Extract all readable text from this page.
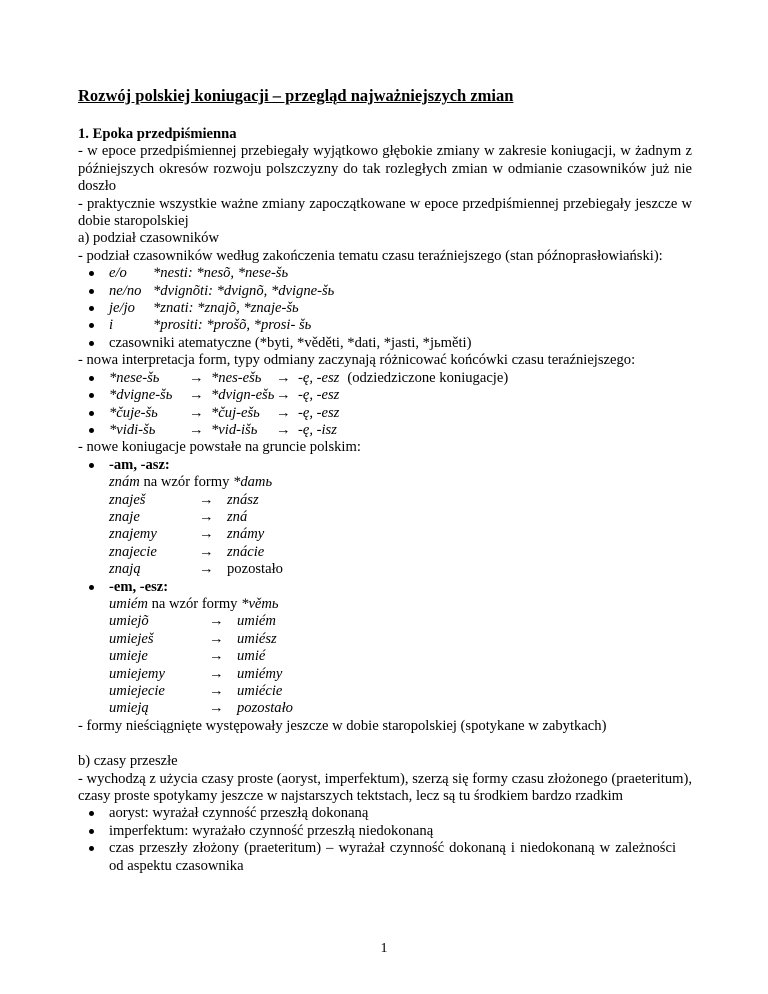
Rozwój polskiej koniugacji – przegląd najważniejszych zmian

1. Epoka przedpiśmienna

- w epoce przedpiśmiennej przebiegały wyjątkowo głębokie zmiany w zakresie koniugacji, w żadnym z późniejszych okresów rozwoju polszczyzny do tak rozległych zmian w odmianie czasowników już nie doszło

- praktycznie wszystkie ważne zmiany zapoczątkowane w epoce przedpiśmiennej przebiegały jeszcze w dobie staropolskiej

a) podział czasowników

- podział czasowników według zakończenia tematu czasu teraźniejszego (stan późnoprasłowiański):

e/o	*nesti: *nesõ, *nese-šь
ne/no *dvignõti: *dvignõ, *dvigne-šь
je/jo	*znati: *znajõ, *znaje-šь
i	*prositi: *prošõ, *prosi- šь
czasowniki atematyczne (*byti, *věděti, *dati, *jasti, *jьměti)

- nowa interpretacja form, typy odmiany zaczynają różnicować końcówki czasu teraźniejszego:

*nese-šь	→ *nes-ešь → -ę, -esz (odziedziczone koniugacje)
*dvigne-šь	→ *dvign-ešь → -ę, -esz
*čuje-šь	→ *čuj-ešь	→ -ę, -esz
*vidi-šь	→ *vid-išь	→ -ę, -isz

- nowe koniugacje powstałe na gruncie polskim:

-am, -asz:
znám na wzór formy *damь
znaješ	→ znász
znaje	→ zná
znajemy	→ známy
znajecie	→ znácie
znają	→ pozostało
-em, -esz:
umiém na wzór formy *věmь
umiejõ	→ umiém
umieješ	→ umiész
umieje	→ umié
umiejemy	→ umiémy
umiejecie	→ umiécie
umieją	→ pozostało

- formy nieściągnięte występowały jeszcze w dobie staropolskiej (spotykane w zabytkach)

b) czasy przeszłe

- wychodzą z użycia czasy proste (aoryst, imperfektum), szerzą się formy czasu złożonego (praeteritum), czasy proste spotykamy jeszcze w najstarszych tektstach, lecz są tu środkiem bardzo rzadkim

aoryst: wyrażał czynność przeszłą dokonaną
imperfektum: wyrażało czynność przeszłą niedokonaną
czas przeszły złożony (praeteritum) – wyrażał czynność dokonaną i niedokonaną w zależności od aspektu czasownika
1
